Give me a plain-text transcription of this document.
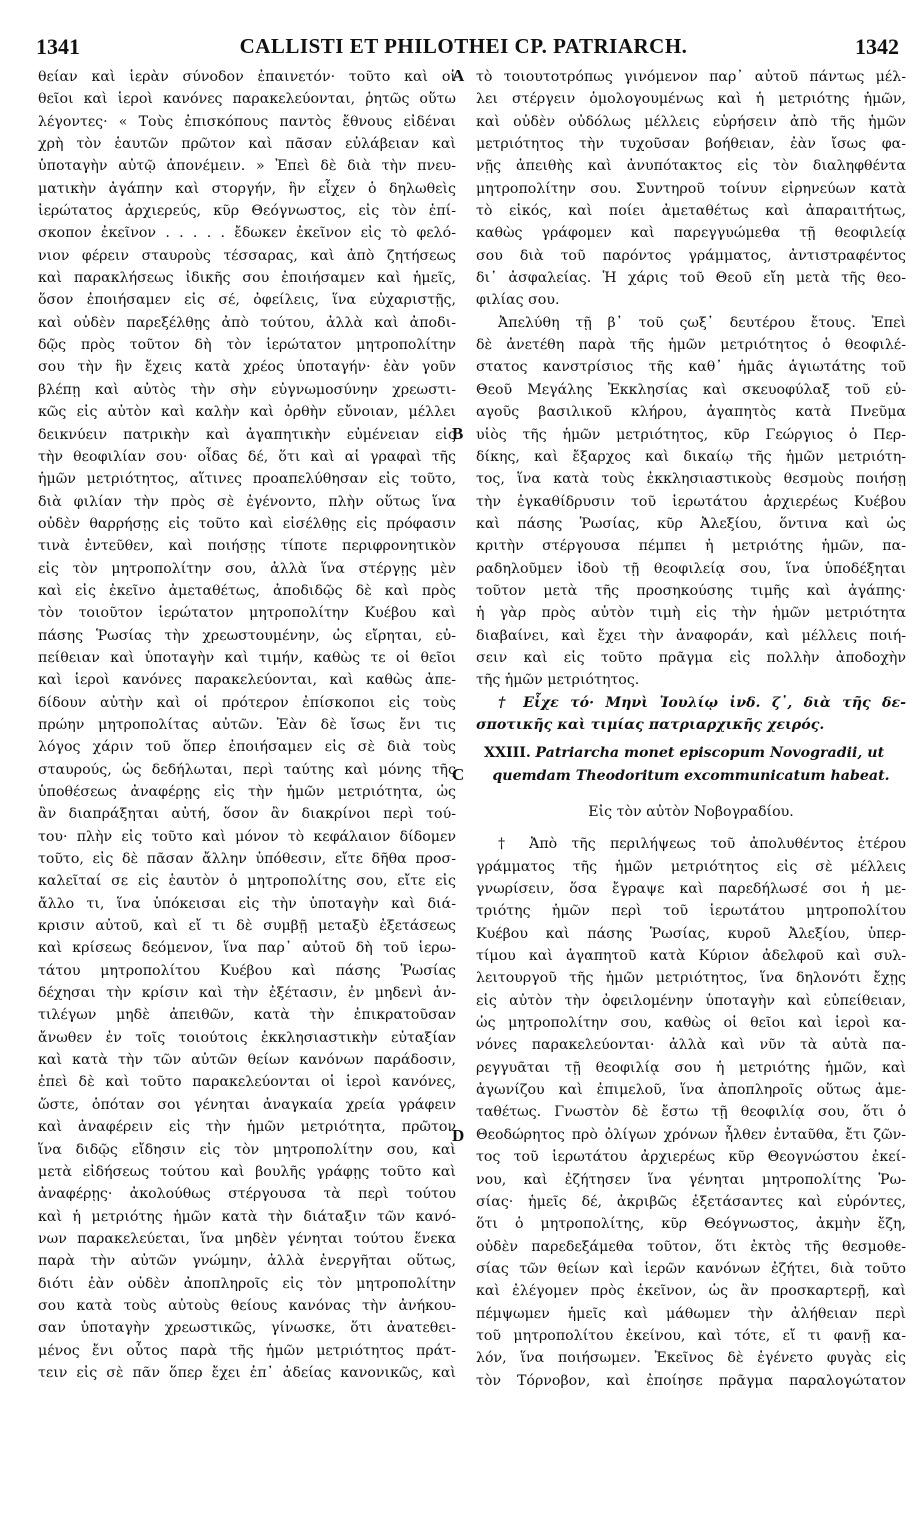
1341	CALLISTI ET PHILOTHEI CP. PATRIARCH.	1342
A
B
C
D
θείαν καὶ ἱερὰν σύνοδον ἐπαινετόν· τοῦτο καὶ οἱ
θεῖοι καὶ ἱεροὶ κανόνες παρακελεύονται, ῥητῶς οὕτω
λέγοντες· « Τοὺς ἐπισκόπους παντὸς ἔθνους εἰδέναι
χρὴ τὸν ἑαυτῶν πρῶτον καὶ πᾶσαν εὐλάβειαν καὶ
ὑποταγὴν αὐτῷ ἀπονέμειν. » Ἐπεὶ δὲ διὰ τὴν πνευ-
ματικὴν ἀγάπην καὶ στοργήν, ἣν εἶχεν ὁ δηλωθεὶς
ἱερώτατος ἀρχιερεύς, κῦρ Θεόγνωστος, εἰς τὸν ἐπί-
σκοπον ἐκεῖνον . . . . . ἔδωκεν ἐκεῖνον εἰς τὸ φελό-
νιον φέρειν σταυροὺς τέσσαρας, καὶ ἀπὸ ζητήσεως
καὶ παρακλήσεως ἰδικῆς σου ἐποιήσαμεν καὶ ἡμεῖς,
ὅσον ἐποιήσαμεν εἰς σέ, ὀφείλεις, ἵνα εὐχαριστῇς,
καὶ οὐδὲν παρεξέλθῃς ἀπὸ τούτου, ἀλλὰ καὶ ἀποδι-
δῷς πρὸς τοῦτον δὴ τὸν ἱερώτατον μητροπολίτην
σου τὴν ἣν ἔχεις κατὰ χρέος ὑποταγήν· ἐὰν γοῦν
βλέπῃ καὶ αὐτὸς τὴν σὴν εὐγνωμοσύνην χρεωστι-
κῶς εἰς αὐτὸν καὶ καλὴν καὶ ὀρθὴν εὔνοιαν, μέλλει
δεικνύειν πατρικὴν καὶ ἀγαπητικὴν εὐμένειαν εἰς
τὴν θεοφιλίαν σου· οἶδας δέ, ὅτι καὶ αἱ γραφαὶ τῆς
ἡμῶν μετριότητος, αἵτινες προαπελύθησαν εἰς τοῦτο,
διὰ φιλίαν τὴν πρὸς σὲ ἐγένοντο, πλὴν οὕτως ἵνα
οὐδὲν θαρρήσῃς εἰς τοῦτο καὶ εἰσέλθῃς εἰς πρόφασιν
τινὰ ἐντεῦθεν, καὶ ποιήσῃς τίποτε περιφρονητικὸν
εἰς τὸν μητροπολίτην σου, ἀλλὰ ἵνα στέργῃς μὲν
καὶ εἰς ἐκεῖνο ἀμεταθέτως, ἀποδιδῷς δὲ καὶ πρὸς
τὸν τοιοῦτον ἱερώτατον μητροπολίτην Κυέβου καὶ
πάσης Ῥωσίας τὴν χρεωστουμένην, ὡς εἴρηται, εὐ-
πείθειαν καὶ ὑποταγὴν καὶ τιμήν, καθὼς τε οἱ θεῖοι
καὶ ἱεροὶ κανόνες παρακελεύονται, καὶ καθὼς ἀπε-
δίδουν αὐτὴν καὶ οἱ πρότερον ἐπίσκοποι εἰς τοὺς
πρώην μητροπολίτας αὐτῶν. Ἐὰν δὲ ἴσως ἔνι τις
λόγος χάριν τοῦ ὅπερ ἐποιήσαμεν εἰς σὲ διὰ τοὺς
σταυρούς, ὡς δεδήλωται, περὶ ταύτης καὶ μόνης τῆς
ὑποθέσεως ἀναφέρῃς εἰς τὴν ἡμῶν μετριότητα, ὡς
ἂν διαπράξηται αὐτή, ὅσον ἂν διακρίνοι περὶ τού-
του· πλὴν εἰς τοῦτο καὶ μόνον τὸ κεφάλαιον δίδομεν
τοῦτο, εἰς δὲ πᾶσαν ἄλλην ὑπόθεσιν, εἴτε δῆθα προσ-
καλεῖταί σε εἰς ἑαυτὸν ὁ μητροπολίτης σου, εἴτε εἰς
ἄλλο τι, ἵνα ὑπόκεισαι εἰς τὴν ὑποταγὴν καὶ διά-
κρισιν αὐτοῦ, καὶ εἴ τι δὲ συμβῇ μεταξὺ ἐξετάσεως
καὶ κρίσεως δεόμενον, ἵνα παρ᾽ αὐτοῦ δὴ τοῦ ἱερω-
τάτου μητροπολίτου Κυέβου καὶ πάσης Ῥωσίας
δέχησαι τὴν κρίσιν καὶ τὴν ἐξέτασιν, ἐν μηδενὶ ἀν-
τιλέγων μηδὲ ἀπειθῶν, κατὰ τὴν ἐπικρατοῦσαν
ἄνωθεν ἐν τοῖς τοιούτοις ἐκκλησιαστικὴν εὐταξίαν
καὶ κατὰ τὴν τῶν αὐτῶν θείων κανόνων παράδοσιν,
ἐπεὶ δὲ καὶ τοῦτο παρακελεύονται οἱ ἱεροὶ κανόνες,
ὥστε, ὁπόταν σοι γένηται ἀναγκαία χρεία γράφειν
καὶ ἀναφέρειν εἰς τὴν ἡμῶν μετριότητα, πρῶτον
ἵνα διδῷς εἴδησιν εἰς τὸν μητροπολίτην σου, καὶ
μετὰ εἰδήσεως τούτου καὶ βουλῆς γράφῃς τοῦτο καὶ
ἀναφέρῃς· ἀκολούθως στέργουσα τὰ περὶ τούτου
καὶ ἡ μετριότης ἡμῶν κατὰ τὴν διάταξιν τῶν κανό-
νων παρακελεύεται, ἵνα μηδὲν γένηται τούτου ἕνεκα
παρὰ τὴν αὐτῶν γνώμην, ἀλλὰ ἐνεργῆται οὕτως,
διότι ἐὰν οὐδὲν ἀποπληροῖς εἰς τὸν μητροπολίτην
σου κατὰ τοὺς αὐτοὺς θείους κανόνας τὴν ἀνήκου-
σαν ὑποταγὴν χρεωστικῶς, γίνωσκε, ὅτι ἀνατεθει-
μένος ἔνι οὗτος παρὰ τῆς ἡμῶν μετριότητος πράτ-
τειν εἰς σὲ πᾶν ὅπερ ἔχει ἐπ᾽ ἀδείας κανονικῶς, καὶ
τὸ τοιουτοτρόπως γινόμενον παρ᾽ αὐτοῦ πάντως μέλ-
λει στέργειν ὁμολογουμένως καὶ ἡ μετριότης ἡμῶν,
καὶ οὐδὲν οὐδόλως μέλλεις εὑρήσειν ἀπὸ τῆς ἡμῶν
μετριότητος τὴν τυχοῦσαν βοήθειαν, ἐὰν ἴσως φα-
νῇς ἀπειθὴς καὶ ἀνυπότακτος εἰς τὸν διαληφθέντα
μητροπολίτην σου. Συντηροῦ τοίνυν εἰρηνεύων κατὰ
τὸ εἰκός, καὶ ποίει ἀμεταθέτως καὶ ἀπαραιτήτως,
καθὼς γράφομεν καὶ παρεγγυώμεθα τῇ θεοφιλείᾳ
σου διὰ τοῦ παρόντος γράμματος, ἀντιστραφέντος
δι᾽ ἀσφαλείας. Ἡ χάρις τοῦ Θεοῦ εἴη μετὰ τῆς θεο-
φιλίας σου.
Ἀπελύθη τῇ β᾽ τοῦ ςωξ᾽ δευτέρου ἔτους. Ἐπεὶ
δὲ ἀνετέθη παρὰ τῆς ἡμῶν μετριότητος ὁ θεοφιλέ-
στατος κανστρίσιος τῆς καθ᾽ ἡμᾶς ἁγιωτάτης τοῦ
Θεοῦ Μεγάλης Ἐκκλησίας καὶ σκευοφύλαξ τοῦ εὐ-
αγοῦς βασιλικοῦ κλήρου, ἀγαπητὸς κατὰ Πνεῦμα
υἱὸς τῆς ἡμῶν μετριότητος, κῦρ Γεώργιος ὁ Περ-
δίκης, καὶ ἔξαρχος καὶ δικαίῳ τῆς ἡμῶν μετριότη-
τος, ἵνα κατὰ τοὺς ἐκκλησιαστικοὺς θεσμοὺς ποιήσῃ
τὴν ἐγκαθίδρυσιν τοῦ ἱερωτάτου ἀρχιερέως Κυέβου
καὶ πάσης Ῥωσίας, κῦρ Ἀλεξίου, ὅντινα καὶ ὡς
κριτὴν στέργουσα πέμπει ἡ μετριότης ἡμῶν, πα-
ραδηλοῦμεν ἰδοὺ τῇ θεοφιλείᾳ σου, ἵνα ὑποδέξηται
τοῦτον μετὰ τῆς προσηκούσης τιμῆς καὶ ἀγάπης·
ἡ γὰρ πρὸς αὐτὸν τιμὴ εἰς τὴν ἡμῶν μετριότητα
διαβαίνει, καὶ ἔχει τὴν ἀναφοράν, καὶ μέλλεις ποιή-
σειν καὶ εἰς τοῦτο πρᾶγμα εἰς πολλὴν ἀποδοχὴν
τῆς ἡμῶν μετριότητος.
† Εἶχε τό· Μηνὶ Ἰουλίῳ ἰνδ. ζ᾽, διὰ τῆς δε-
σποτικῆς καὶ τιμίας πατριαρχικῆς χειρός.
XXIII. Patriarcha monet episcopum Novogradii, ut
quemdam Theodoritum excommunicatum habeat.
Εἰς τὸν αὐτὸν Νοβογραδίου.
† Ἀπὸ τῆς περιλήψεως τοῦ ἀπολυθέντος ἑτέρου
γράμματος τῆς ἡμῶν μετριότητος εἰς σὲ μέλλεις
γνωρίσειν, ὅσα ἔγραψε καὶ παρεδήλωσέ σοι ἡ με-
τριότης ἡμῶν περὶ τοῦ ἱερωτάτου μητροπολίτου
Κυέβου καὶ πάσης Ῥωσίας, κυροῦ Ἀλεξίου, ὑπερ-
τίμου καὶ ἀγαπητοῦ κατὰ Κύριον ἀδελφοῦ καὶ συλ-
λειτουργοῦ τῆς ἡμῶν μετριότητος, ἵνα δηλονότι ἔχῃς
εἰς αὐτὸν τὴν ὀφειλομένην ὑποταγὴν καὶ εὐπείθειαν,
ὡς μητροπολίτην σου, καθὼς οἱ θεῖοι καὶ ἱεροὶ κα-
νόνες παρακελεύονται· ἀλλὰ καὶ νῦν τὰ αὐτὰ πα-
ρεγγυᾶται τῇ θεοφιλίᾳ σου ἡ μετριότης ἡμῶν, καὶ
ἀγωνίζου καὶ ἐπιμελοῦ, ἵνα ἀποπληροῖς οὕτως ἀμε-
ταθέτως. Γνωστὸν δὲ ἔστω τῇ θεοφιλίᾳ σου, ὅτι ὁ
Θεοδώρητος πρὸ ὀλίγων χρόνων ἦλθεν ἐνταῦθα, ἔτι ζῶν-
τος τοῦ ἱερωτάτου ἀρχιερέως κῦρ Θεογνώστου ἐκεί-
νου, καὶ ἐζήτησεν ἵνα γένηται μητροπολίτης Ῥω-
σίας· ἡμεῖς δέ, ἀκριβῶς ἐξετάσαντες καὶ εὑρόντες,
ὅτι ὁ μητροπολίτης, κῦρ Θεόγνωστος, ἀκμὴν ἔζη,
οὐδὲν παρεδεξάμεθα τοῦτον, ὅτι ἐκτὸς τῆς θεσμοθε-
σίας τῶν θείων καὶ ἱερῶν κανόνων ἐζήτει, διὰ τοῦτο
καὶ ἐλέγομεν πρὸς ἐκεῖνον, ὡς ἂν προσκαρτερῇ, καὶ
πέμψωμεν ἡμεῖς καὶ μάθωμεν τὴν ἀλήθειαν περὶ
τοῦ μητροπολίτου ἐκείνου, καὶ τότε, εἴ τι φανῇ κα-
λόν, ἵνα ποιήσωμεν. Ἐκεῖνος δὲ ἐγένετο φυγὰς εἰς
τὸν Τόρνοβον, καὶ ἐποίησε πρᾶγμα παραλογώτατον
